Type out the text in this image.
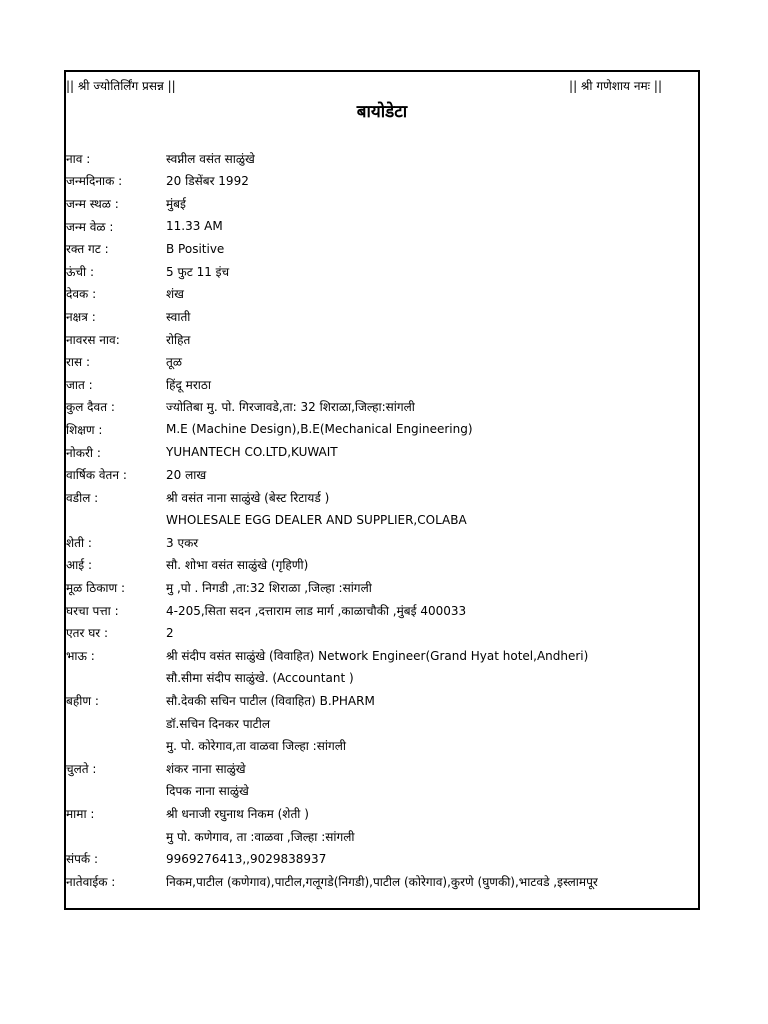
|| श्री ज्योतिर्लिंग प्रसन्न ||	|| श्री गणेशाय नमः ||
बायोडेटा
नाव :	स्वप्नील वसंत साळुंखे
जन्मदिनाक :	20 डिसेंबर 1992
जन्म स्थळ :	मुंबई
जन्म वेळ :	11.33 AM
रक्त गट :	B Positive
ऊंची :	5 फुट 11 इंच
देवक :	शंख
नक्षत्र :	स्वाती
नावरस नाव:	रोहित
रास :	तूळ
जात :	हिंदू मराठा
कुल दैवत :	ज्योतिबा मु. पो. गिरजावडे,ता: 32 शिराळा,जिल्हा:सांगली
शिक्षण :	M.E (Machine Design),B.E(Mechanical Engineering)
नोकरी :	YUHANTECH CO.LTD,KUWAIT
वार्षिक वेतन :	20 लाख
वडील :	श्री वसंत नाना साळुंखे (बेस्ट रिटायर्ड )
WHOLESALE EGG DEALER AND SUPPLIER,COLABA
शेती :	3 एकर
आई :	सौ. शोभा वसंत साळुंखे (गृहिणी)
मूळ ठिकाण :	मु ,पो . निगडी ,ता:32 शिराळा ,जिल्हा :सांगली
घरचा पत्ता :	4-205,सिता सदन ,दत्ताराम लाड मार्ग ,काळाचौकी ,मुंबई 400033
एतर घर :	2
भाऊ :	श्री संदीप वसंत साळुंखे (विवाहित) Network Engineer(Grand Hyat hotel,Andheri)
सौ.सीमा संदीप साळुंखे. (Accountant )
बहीण :	सौ.देवकी सचिन पाटील (विवाहित) B.PHARM
डॉ.सचिन दिनकर पाटील
मु. पो. कोरेगाव,ता वाळवा जिल्हा :सांगली
चुलते :	शंकर नाना साळुंखे
दिपक नाना साळुंखे
मामा :	श्री धनाजी रघुनाथ निकम (शेती )
मु पो. कणेगाव, ता :वाळवा ,जिल्हा :सांगली
संपर्क :	9969276413,,9029838937
नातेवाईक :	निकम,पाटील (कणेगाव),पाटील,गलूगडे(निगडी),पाटील (कोरेगाव),कुरणे (घुणकी),भाटवडे ,इस्लामपूर
